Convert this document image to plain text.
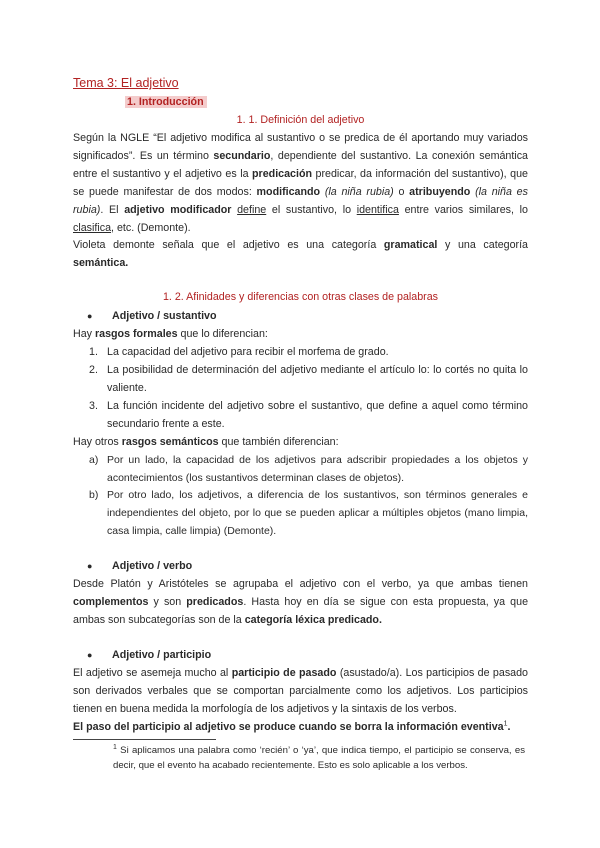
Tema 3: El adjetivo
1. Introducción
1. 1. Definición del adjetivo

Según la NGLE “El adjetivo modifica al sustantivo o se predica de él aportando muy variados significados”. Es un término secundario, dependiente del sustantivo. La conexión semántica entre el sustantivo y el adjetivo es la predicación predicar, da información del sustantivo), que se puede manifestar de dos modos: modificando (la niña rubia) o atribuyendo (la niña es rubia). El adjetivo modificador define el sustantivo, lo identifica entre varios similares, lo clasifica, etc. (Demonte).

Violeta demonte señala que el adjetivo es una categoría gramatical y una categoría semántica.

1. 2. Afinidades y diferencias con otras clases de palabras
●	Adjetivo / sustantivo

Hay rasgos formales que lo diferencian:

1. La capacidad del adjetivo para recibir el morfema de grado.
2. La posibilidad de determinación del adjetivo mediante el artículo lo: lo cortés no quita lo valiente.
3. La función incidente del adjetivo sobre el sustantivo, que define a aquel como término secundario frente a este.

Hay otros rasgos semánticos que también diferencian:

a) Por un lado, la capacidad de los adjetivos para adscribir propiedades a los objetos y acontecimientos (los sustantivos determinan clases de objetos).
b) Por otro lado, los adjetivos, a diferencia de los sustantivos, son términos generales e independientes del objeto, por lo que se pueden aplicar a múltiples objetos (mano limpia, casa limpia, calle limpia) (Demonte).
●	Adjetivo / verbo

Desde Platón y Aristóteles se agrupaba el adjetivo con el verbo, ya que ambas tienen complementos y son predicados. Hasta hoy en día se sigue con esta propuesta, ya que ambas son subcategorías son de la categoría léxica predicado.

●	Adjetivo / participio

El adjetivo se asemeja mucho al participio de pasado (asustado/a). Los participios de pasado son derivados verbales que se comportan parcialmente como los adjetivos. Los participios tienen en buena medida la morfología de los adjetivos y la sintaxis de los verbos.

El paso del participio al adjetivo se produce cuando se borra la información eventiva$^1$.

$^1$ Si aplicamos una palabra como ‘recién’ o ‘ya’, que indica tiempo, el participio se conserva, es decir, que el evento ha acabado recientemente. Esto es solo aplicable a los verbos.
